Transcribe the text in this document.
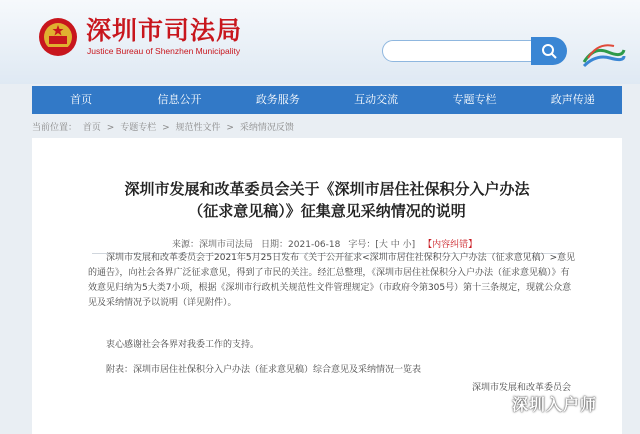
深圳市司法局
Justice Bureau of Shenzhen Municipality
首页	信息公开	政务服务	互动交流	专题专栏	政声传递
当前位置： 首页 > 专题专栏 > 规范性文件 > 采纳情况反馈
深圳市发展和改革委员会关于《深圳市居住社保积分入户办法（征求意见稿）》征集意见采纳情况的说明
来源：深圳市司法局 日期：2021-06-18 字号：[大 中 小] 【内容纠错】

深圳市发展和改革委员会于2021年5月25日发布《关于公开征求<深圳市居住社保积分入户办法（征求意见稿）>意见的通告》，向社会各界广泛征求意见，得到了市民的关注。经汇总整理，《深圳市居住社保积分入户办法（征求意见稿）》有效意见归纳为5大类7小项，根据《深圳市行政机关规范性文件管理规定》（市政府令第305号）第十三条规定，现就公众意见及采纳情况予以说明（详见附件）。

衷心感谢社会各界对我委工作的支持。

附表：深圳市居住社保积分入户办法（征求意见稿）综合意见及采纳情况一览表

深圳市发展和改革委员会
深圳入户师
